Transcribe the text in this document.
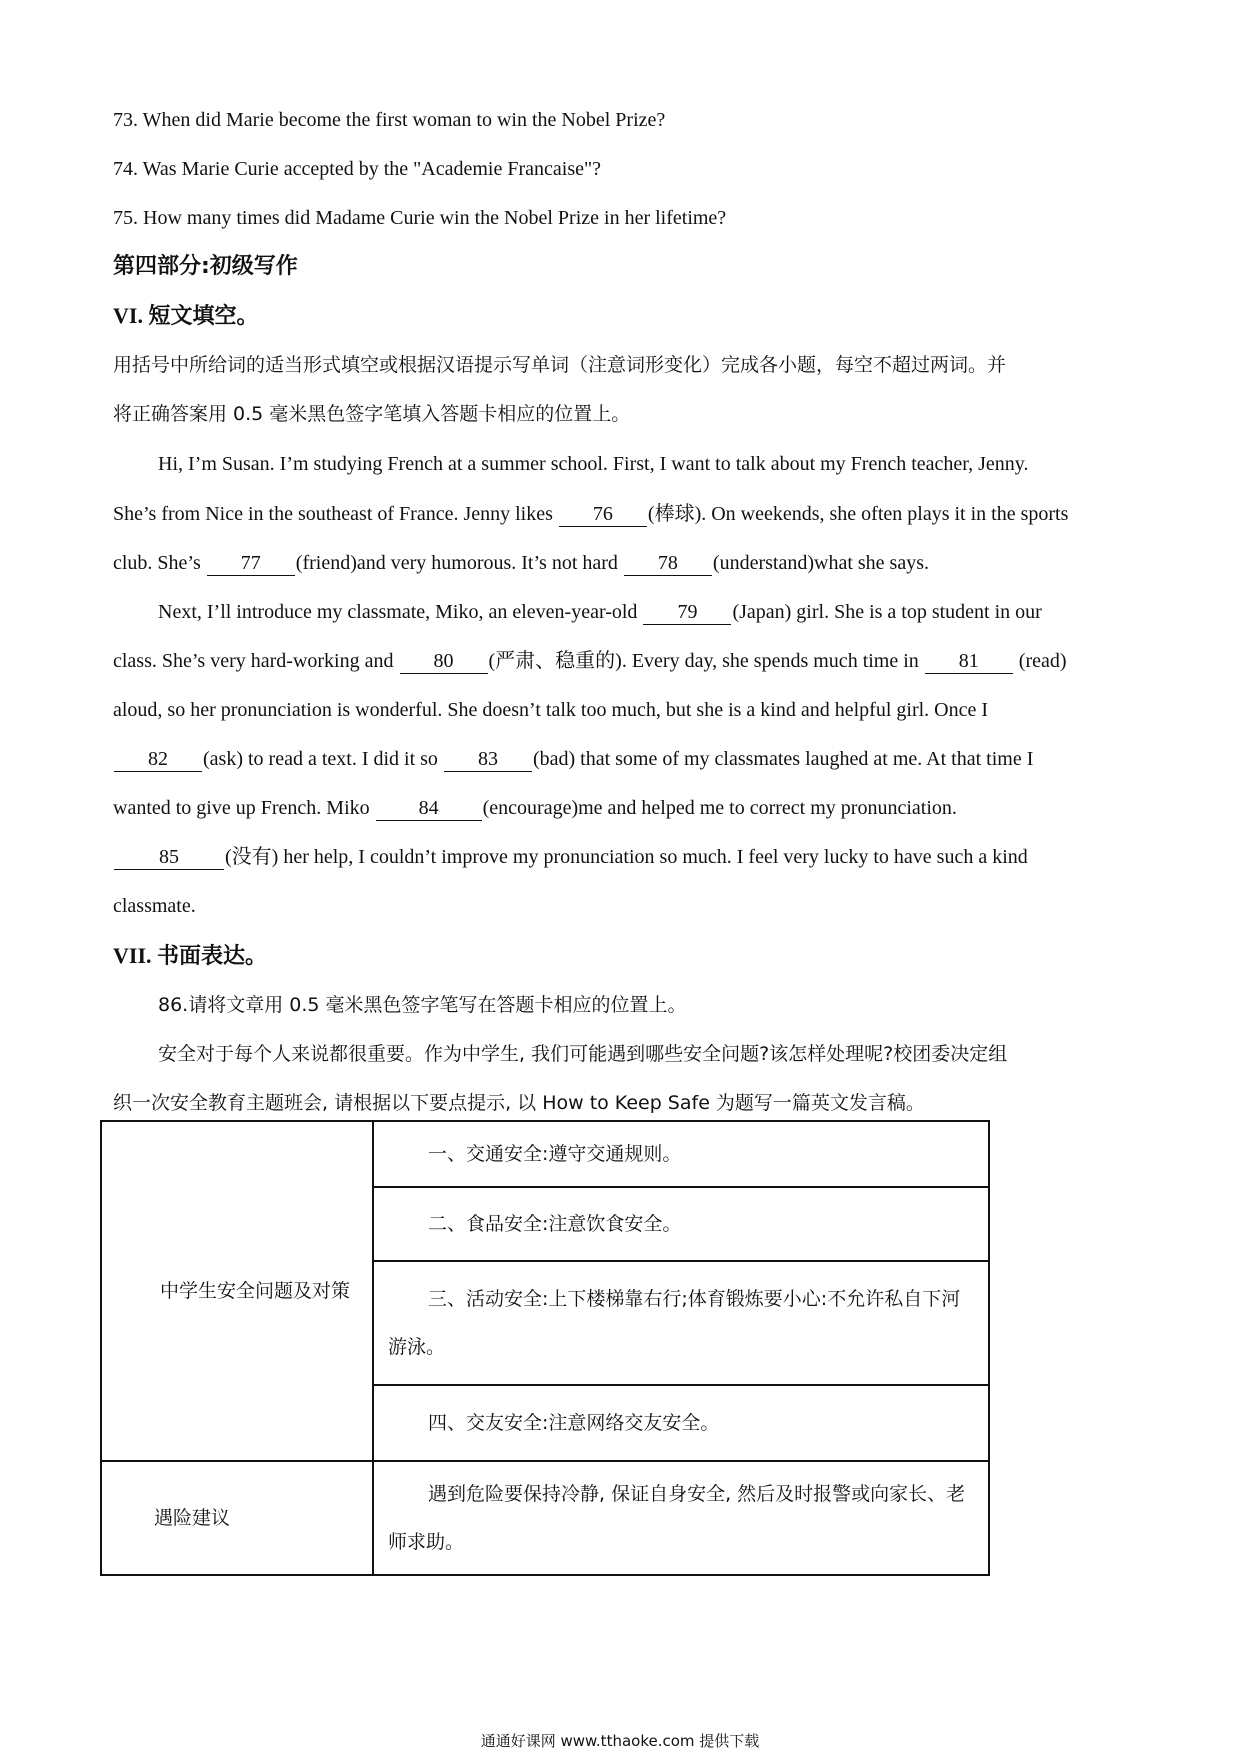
73. When did Marie become the first woman to win the Nobel Prize?
74. Was Marie Curie accepted by the "Academie Francaise"?
75. How many times did Madame Curie win the Nobel Prize in her lifetime?
第四部分:初级写作
VI. 短文填空。
用括号中所给词的适当形式填空或根据汉语提示写单词（注意词形变化）完成各小题，每空不超过两词。并
将正确答案用 0.5 毫米黑色签字笔填入答题卡相应的位置上。
Hi, I’m Susan. I’m studying French at a summer school. First, I want to talk about my French teacher, Jenny.
She’s from Nice in the southeast of France. Jenny likes 76 (棒球). On weekends, she often plays it in the sports
club. She’s 77 (friend)and very humorous. It’s not hard 78 (understand)what she says.
Next, I’ll introduce my classmate, Miko, an eleven-year-old 79 (Japan) girl. She is a top student in our
class. She’s very hard-working and 80 (严肃、稳重的). Every day, she spends much time in 81 (read)
aloud, so her pronunciation is wonderful. She doesn’t talk too much, but she is a kind and helpful girl. Once I
82 (ask) to read a text. I did it so 83 (bad) that some of my classmates laughed at me. At that time I
wanted to give up French. Miko 84 (encourage)me and helped me to correct my pronunciation.
85 (没有) her help, I couldn’t improve my pronunciation so much. I feel very lucky to have such a kind
classmate.
VII. 书面表达。
86.请将文章用 0.5 毫米黑色签字笔写在答题卡相应的位置上。
安全对于每个人来说都很重要。作为中学生, 我们可能遇到哪些安全问题?该怎样处理呢?校团委决定组
织一次安全教育主题班会, 请根据以下要点提示, 以 How to Keep Safe 为题写一篇英文发言稿。
中学生安全问题及对策	一、交通安全:遵守交通规则。
	二、食品安全:注意饮食安全。
	三、活动安全:上下楼梯靠右行;体育锻炼要小心:不允许私自下河游泳。
	四、交友安全:注意网络交友安全。
遇险建议	遇到危险要保持冷静, 保证自身安全, 然后及时报警或向家长、老师求助。
通通好课网 www.tthaoke.com 提供下载
